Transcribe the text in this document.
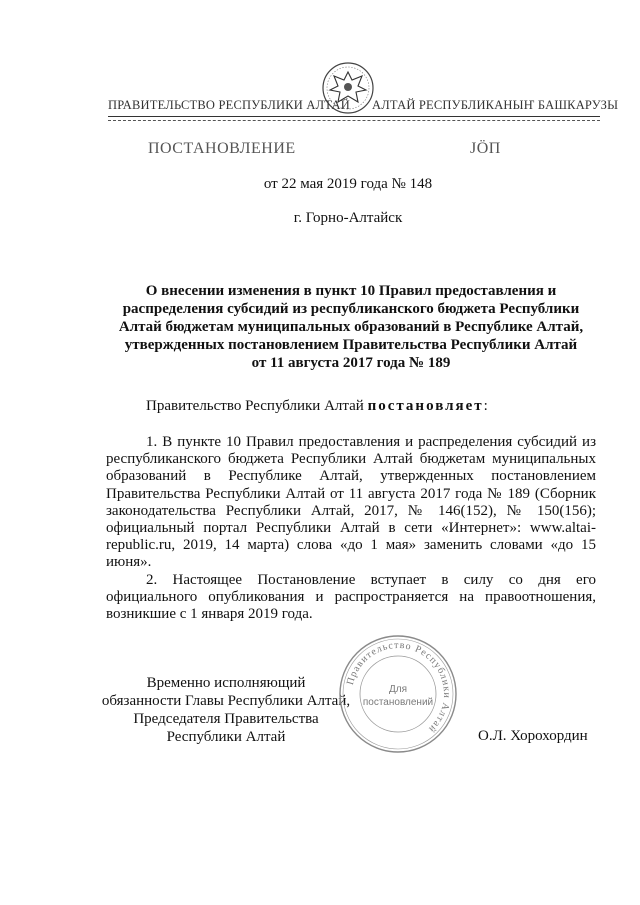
ПРАВИТЕЛЬСТВО РЕСПУБЛИКИ АЛТАЙ АЛТАЙ РЕСПУБЛИКАНЫҤ БАШКАРУЗЫ
ПОСТАНОВЛЕНИЕ	ЈӦП
от 22 мая 2019 года № 148
г. Горно-Алтайск
О внесении изменения в пункт 10 Правил предоставления и
распределения субсидий из республиканского бюджета Республики
Алтай бюджетам муниципальных образований в Республике Алтай,
утвержденных постановлением Правительства Республики Алтай
от 11 августа 2017 года № 189
Правительство Республики Алтай постановляет:

1. В пункте 10 Правил предоставления и распределения субсидий из республиканского бюджета Республики Алтай бюджетам муниципальных образований в Республике Алтай, утвержденных постановлением Правительства Республики Алтай от 11 августа 2017 года № 189 (Сборник законодательства Республики Алтай, 2017, № 146(152), № 150(156); официальный портал Республики Алтай в сети «Интернет»: www.altai-republic.ru, 2019, 14 марта) слова «до 1 мая» заменить словами «до 15 июня».

2. Настоящее Постановление вступает в силу со дня его официального опубликования и распространяется на правоотношения, возникшие с 1 января 2019 года.

Временно исполняющий
обязанности Главы Республики Алтай,
Председателя Правительства
Республики Алтай	О.Л. Хорохордин
Правительство Республики Алтай
Для
постановлений
